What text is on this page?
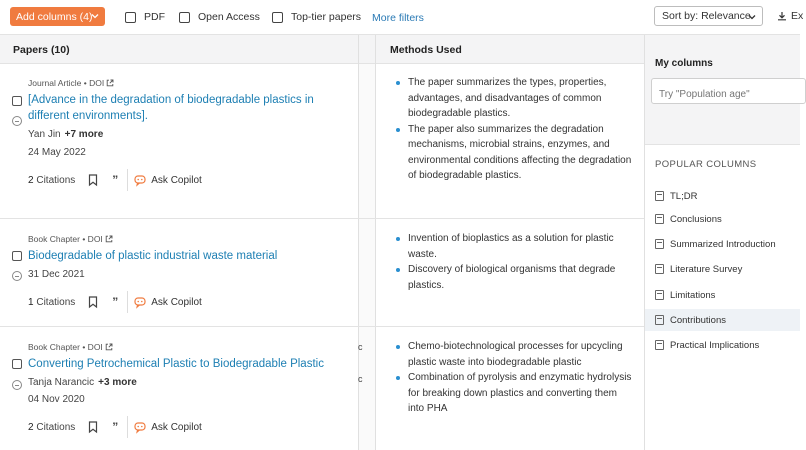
Add columns (4)	PDF	Open Access	Top-tier papers More filters	Sort by: Relevance	Ex
Papers (10)	Methods Used
Journal Article • DOI
[Advance in the degradation of biodegradable plastics in different environments].
Yan Jin +7 more
24 May 2022
2 Citations	”	Ask Copilot
The paper summarizes the types, properties, advantages, and disadvantages of common biodegradable plastics.
The paper also summarizes the degradation mechanisms, microbial strains, enzymes, and environmental conditions affecting the degradation of biodegradable plastics.
Book Chapter • DOI
Biodegradable of plastic industrial waste material
31 Dec 2021
1 Citations	”	Ask Copilot
Invention of bioplastics as a solution for plastic waste.
Discovery of biological organisms that degrade plastics.
Book Chapter • DOI
Converting Petrochemical Plastic to Biodegradable Plastic
Tanja Narancic +3 more
04 Nov 2020
2 Citations	”	Ask Copilot
c
c
Chemo-biotechnological processes for upcycling plastic waste into biodegradable plastic
Combination of pyrolysis and enzymatic hydrolysis for breaking down plastics and converting them into PHA
My columns
Try "Population age"
POPULAR COLUMNS
TL;DR
Conclusions
Summarized Introduction
Literature Survey
Limitations
Contributions
Practical Implications
